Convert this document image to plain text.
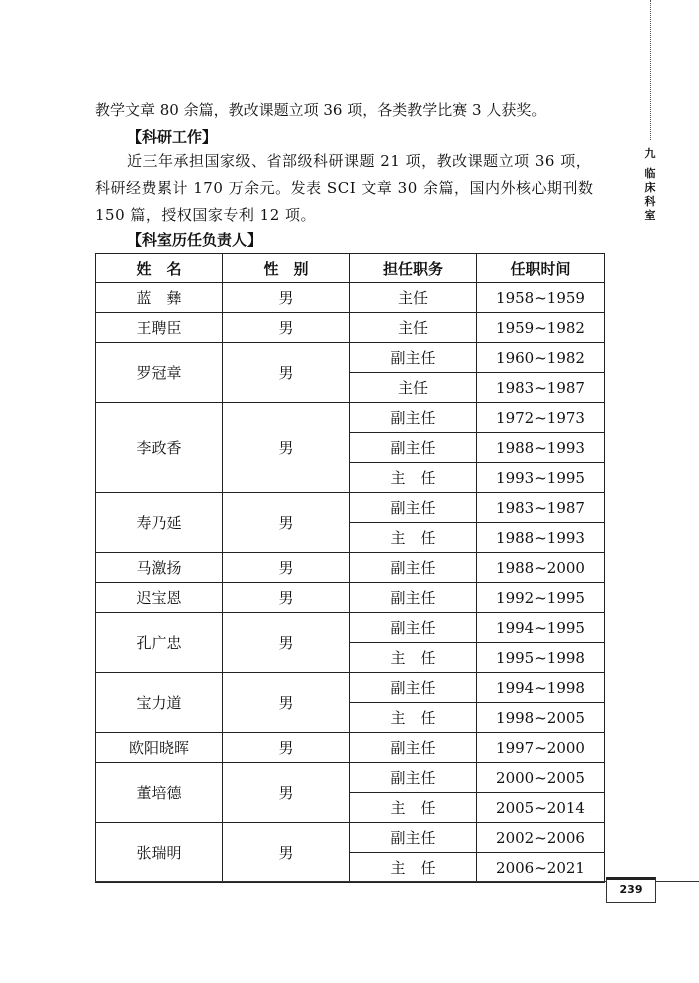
九
临床科室

教学文章 80 余篇，教改课题立项 36 项，各类教学比赛 3 人获奖。

【科研工作】

近三年承担国家级、省部级科研课题 21 项，教改课题立项 36 项，科研经费累计 170 万余元。发表 SCI 文章 30 余篇，国内外核心期刊数 150 篇，授权国家专利 12 项。

【科室历任负责人】
姓　名	性　别	担任职务	任职时间
蓝　彝	男	主任	1958~1959
王聘臣	男	主任	1959~1982
罗冠章	男	副主任	1960~1982
		主任	1983~1987
李政香	男	副主任	1972~1973
		副主任	1988~1993
		主　任	1993~1995
寿乃延	男	副主任	1983~1987
		主　任	1988~1993
马激扬	男	副主任	1988~2000
迟宝恩	男	副主任	1992~1995
孔广忠	男	副主任	1994~1995
		主　任	1995~1998
宝力道	男	副主任	1994~1998
		主　任	1998~2005
欧阳晓晖	男	副主任	1997~2000
董培德	男	副主任	2000~2005
		主　任	2005~2014
张瑞明	男	副主任	2002~2006
		主　任	2006~2021
239
